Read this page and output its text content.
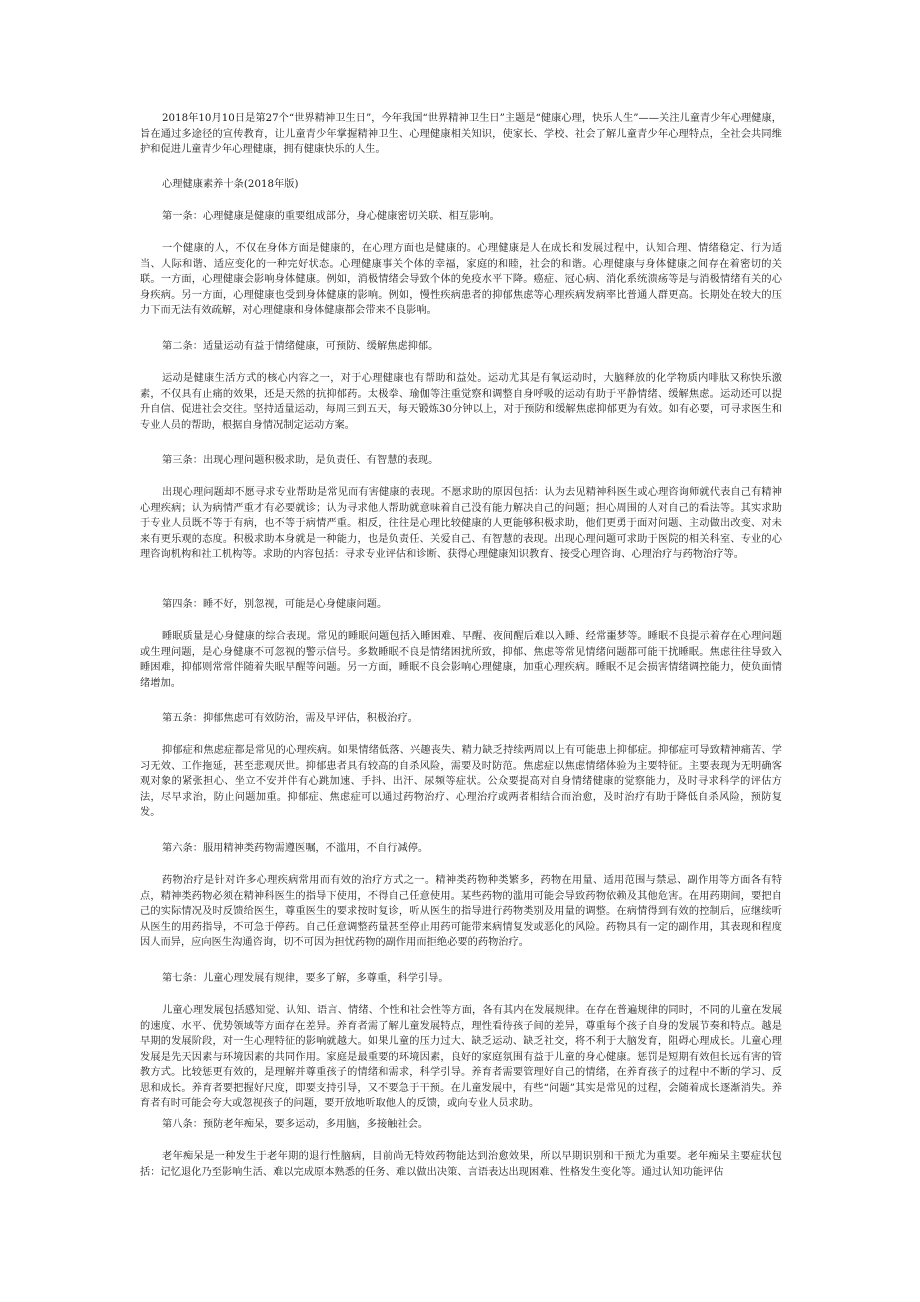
2018年10月10日是第27个“世界精神卫生日”，今年我国“世界精神卫生日”主题是“健康心理，快乐人生”——关注儿童青少年心理健康，旨在通过多途径的宣传教育，让儿童青少年掌握精神卫生、心理健康相关知识，使家长、学校、社会了解儿童青少年心理特点，全社会共同维护和促进儿童青少年心理健康，拥有健康快乐的人生。

心理健康素养十条(2018年版)

第一条：心理健康是健康的重要组成部分，身心健康密切关联、相互影响。

一个健康的人，不仅在身体方面是健康的，在心理方面也是健康的。心理健康是人在成长和发展过程中，认知合理、情绪稳定、行为适当、人际和谐、适应变化的一种完好状态。心理健康事关个体的幸福，家庭的和睦，社会的和谐。心理健康与身体健康之间存在着密切的关联。一方面，心理健康会影响身体健康。例如，消极情绪会导致个体的免疫水平下降。癌症、冠心病、消化系统溃疡等是与消极情绪有关的心身疾病。另一方面，心理健康也受到身体健康的影响。例如，慢性疾病患者的抑郁焦虑等心理疾病发病率比普通人群更高。长期处在较大的压力下而无法有效疏解，对心理健康和身体健康都会带来不良影响。

第二条：适量运动有益于情绪健康，可预防、缓解焦虑抑郁。

运动是健康生活方式的核心内容之一，对于心理健康也有帮助和益处。运动尤其是有氧运动时，大脑释放的化学物质内啡肽又称快乐激素，不仅具有止痛的效果，还是天然的抗抑郁药。太极拳、瑜伽等注重觉察和调整自身呼吸的运动有助于平静情绪、缓解焦虑。运动还可以提升自信、促进社会交往。坚持适量运动，每周三到五天，每天锻炼30分钟以上，对于预防和缓解焦虑抑郁更为有效。如有必要，可寻求医生和专业人员的帮助，根据自身情况制定运动方案。

第三条：出现心理问题积极求助，是负责任、有智慧的表现。

出现心理问题却不愿寻求专业帮助是常见而有害健康的表现。不愿求助的原因包括：认为去见精神科医生或心理咨询师就代表自己有精神心理疾病；认为病情严重才有必要就诊；认为寻求他人帮助就意味着自己没有能力解决自己的问题；担心周围的人对自己的看法等。其实求助于专业人员既不等于有病，也不等于病情严重。相反，往往是心理比较健康的人更能够积极求助，他们更勇于面对问题、主动做出改变、对未来有更乐观的态度。积极求助本身就是一种能力，也是负责任、关爱自己、有智慧的表现。出现心理问题可求助于医院的相关科室、专业的心理咨询机构和社工机构等。求助的内容包括：寻求专业评估和诊断、获得心理健康知识教育、接受心理咨询、心理治疗与药物治疗等。

第四条：睡不好，别忽视，可能是心身健康问题。

睡眠质量是心身健康的综合表现。常见的睡眠问题包括入睡困难、早醒、夜间醒后难以入睡、经常噩梦等。睡眠不良提示着存在心理问题或生理问题，是心身健康不可忽视的警示信号。多数睡眠不良是情绪困扰所致，抑郁、焦虑等常见情绪问题都可能干扰睡眠。焦虑往往导致入睡困难，抑郁则常常伴随着失眠早醒等问题。另一方面，睡眠不良会影响心理健康，加重心理疾病。睡眠不足会损害情绪调控能力，使负面情绪增加。

第五条：抑郁焦虑可有效防治，需及早评估，积极治疗。

抑郁症和焦虑症都是常见的心理疾病。如果情绪低落、兴趣丧失、精力缺乏持续两周以上有可能患上抑郁症。抑郁症可导致精神痛苦、学习无效、工作拖延，甚至悲观厌世。抑郁患者具有较高的自杀风险，需要及时防范。焦虑症以焦虑情绪体验为主要特征。主要表现为无明确客观对象的紧张担心、坐立不安并伴有心跳加速、手抖、出汗、尿频等症状。公众要提高对自身情绪健康的觉察能力，及时寻求科学的评估方法，尽早求治，防止问题加重。抑郁症、焦虑症可以通过药物治疗、心理治疗或两者相结合而治愈，及时治疗有助于降低自杀风险，预防复发。

第六条：服用精神类药物需遵医嘱，不滥用，不自行减停。

药物治疗是针对许多心理疾病常用而有效的治疗方式之一。精神类药物种类繁多，药物在用量、适用范围与禁忌、副作用等方面各有特点，精神类药物必须在精神科医生的指导下使用，不得自己任意使用。某些药物的滥用可能会导致药物依赖及其他危害。在用药期间，要把自己的实际情况及时反馈给医生，尊重医生的要求按时复诊，听从医生的指导进行药物类别及用量的调整。在病情得到有效的控制后，应继续听从医生的用药指导，不可急于停药。自己任意调整药量甚至停止用药可能带来病情复发或恶化的风险。药物具有一定的副作用，其表现和程度因人而异，应向医生沟通咨询，切不可因为担忧药物的副作用而拒绝必要的药物治疗。

第七条：儿童心理发展有规律，要多了解，多尊重，科学引导。

儿童心理发展包括感知觉、认知、语言、情绪、个性和社会性等方面，各有其内在发展规律。在存在普遍规律的同时，不同的儿童在发展的速度、水平、优势领域等方面存在差异。养育者需了解儿童发展特点，理性看待孩子间的差异，尊重每个孩子自身的发展节奏和特点。越是早期的发展阶段，对一生心理特征的影响就越大。如果儿童的压力过大、缺乏运动、缺乏社交，将不利于大脑发育，阻碍心理成长。儿童心理发展是先天因素与环境因素的共同作用。家庭是最重要的环境因素，良好的家庭氛围有益于儿童的身心健康。惩罚是短期有效但长远有害的管教方式。比较惩更有效的，是理解并尊重孩子的情绪和需求，科学引导。养育者需要管理好自己的情绪，在养育孩子的过程中不断的学习、反思和成长。养育者要把握好尺度，即要支持引导，又不要急于干预。在儿童发展中，有些“问题”其实是常见的过程，会随着成长逐渐消失。养育者有时可能会夸大或忽视孩子的问题，要开放地听取他人的反馈，或向专业人员求助。

第八条：预防老年痴呆，要多运动，多用脑，多接触社会。

老年痴呆是一种发生于老年期的退行性脑病，目前尚无特效药物能达到治愈效果，所以早期识别和干预尤为重要。老年痴呆主要症状包括：记忆退化乃至影响生活、难以完成原本熟悉的任务、难以做出决策、言语表达出现困难、性格发生变化等。通过认知功能评估
